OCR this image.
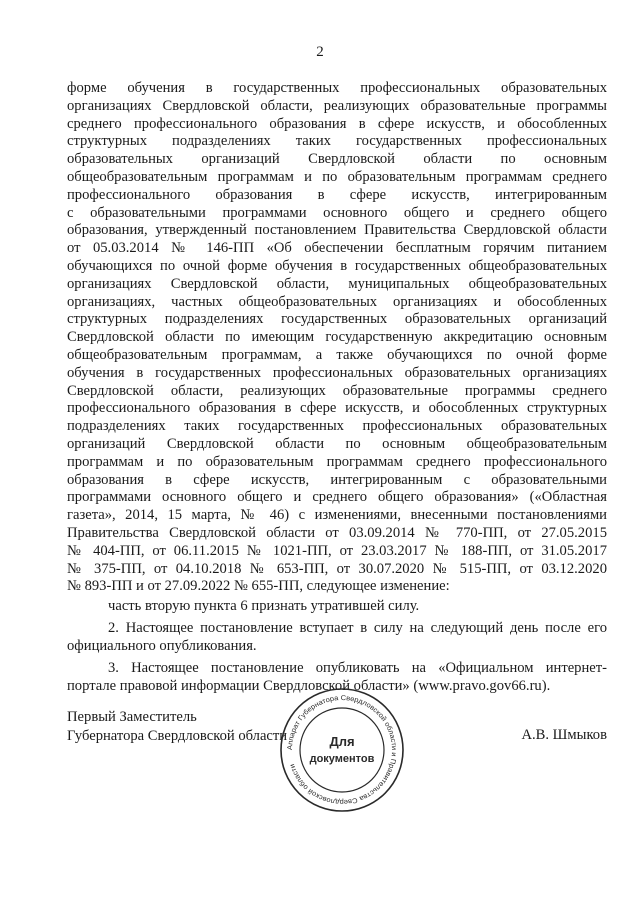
2
форме обучения в государственных профессиональных образовательных
организациях Свердловской области, реализующих образовательные программы
среднего профессионального образования в сфере искусств, и обособленных
структурных подразделениях таких государственных профессиональных
образовательных организаций Свердловской области по основным
общеобразовательным программам и по образовательным программам среднего
профессионального образования в сфере искусств, интегрированным
с образовательными программами основного общего и среднего общего
образования, утвержденный постановлением Правительства Свердловской области
от 05.03.2014 № 146-ПП «Об обеспечении бесплатным горячим питанием
обучающихся по очной форме обучения в государственных общеобразовательных
организациях Свердловской области, муниципальных общеобразовательных
организациях, частных общеобразовательных организациях и обособленных
структурных подразделениях государственных образовательных организаций
Свердловской области по имеющим государственную аккредитацию основным
общеобразовательным программам, а также обучающихся по очной форме
обучения в государственных профессиональных образовательных организациях
Свердловской области, реализующих образовательные программы среднего
профессионального образования в сфере искусств, и обособленных структурных
подразделениях таких государственных профессиональных образовательных
организаций Свердловской области по основным общеобразовательным
программам и по образовательным программам среднего профессионального
образования в сфере искусств, интегрированным с образовательными
программами основного общего и среднего общего образования» («Областная
газета», 2014, 15 марта, № 46) с изменениями, внесенными постановлениями
Правительства Свердловской области от 03.09.2014 № 770-ПП, от 27.05.2015
№ 404-ПП, от 06.11.2015 № 1021-ПП, от 23.03.2017 № 188-ПП, от 31.05.2017
№ 375-ПП, от 04.10.2018 № 653-ПП, от 30.07.2020 № 515-ПП, от 03.12.2020
№ 893-ПП и от 27.09.2022 № 655-ПП, следующее изменение:

часть вторую пункта 6 признать утратившей силу.

2. Настоящее постановление вступает в силу на следующий день после его
официального опубликования.

3. Настоящее постановление опубликовать на «Официальном интернет-
портале правовой информации Свердловской области» (www.pravo.gov66.ru).

Первый Заместитель
Губернатора Свердловской области	А.В. Шмыков
Аппарат Губернатора Свердловской области и Правительства Свердловской области
Для
документов
